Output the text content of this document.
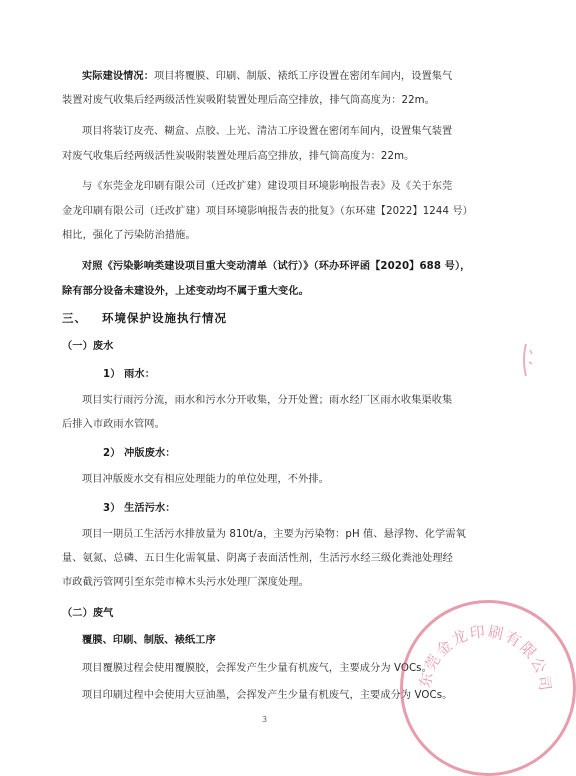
实际建设情况：项目将覆膜、印刷、制版、裱纸工序设置在密闭车间内，设置集气
装置对废气收集后经两级活性炭吸附装置处理后高空排放，排气筒高度为：22m。
项目将装订皮壳、糊盒、点胶、上光、清洁工序设置在密闭车间内，设置集气装置
对废气收集后经两级活性炭吸附装置处理后高空排放，排气筒高度为：22m。
与《东莞金龙印刷有限公司（迁改扩建）建设项目环境影响报告表》及《关于东莞
金龙印刷有限公司（迁改扩建）项目环境影响报告表的批复》（东环建【2022】1244 号）
相比，强化了污染防治措施。
对照《污染影响类建设项目重大变动清单（试行）》（环办环评函【2020】688 号），
除有部分设备未建设外，上述变动均不属于重大变化。
三、 环境保护设施执行情况
（一）废水
1） 雨水：
项目实行雨污分流，雨水和污水分开收集，分开处置；雨水经厂区雨水收集渠收集
后排入市政雨水管网。
2） 冲版废水：
项目冲版废水交有相应处理能力的单位处理，不外排。
3） 生活污水：
项目一期员工生活污水排放量为 810t/a，主要为污染物：pH 值、悬浮物、化学需氧
量、氨氮、总磷、五日生化需氧量、阴离子表面活性剂，生活污水经三级化粪池处理经
市政截污管网引至东莞市樟木头污水处理厂深度处理。
（二）废气
覆膜、印刷、制版、裱纸工序
项目覆膜过程会使用覆膜胶，会挥发产生少量有机废气，主要成分为 VOCs。
项目印刷过程中会使用大豆油墨，会挥发产生少量有机废气，主要成分为 VOCs。
3
东莞金龙印刷有限公司
